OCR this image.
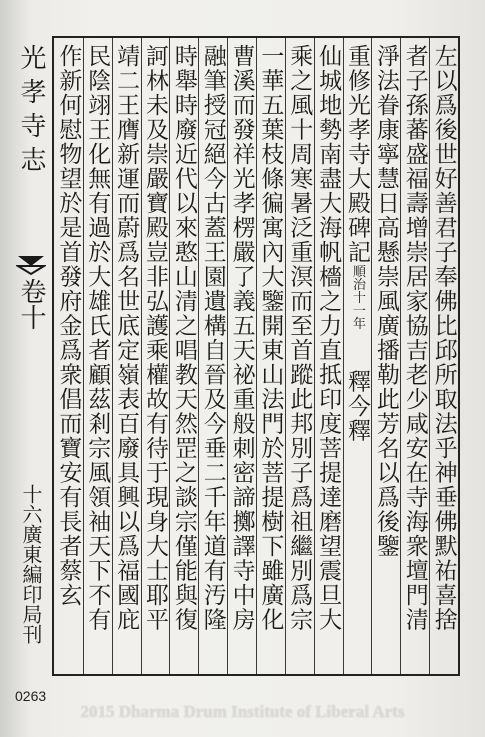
左以爲後世好善君子奉佛比邱所取法乎神垂佛默祐喜捨
者子孫蕃盛福壽增崇居家協吉老少咸安在寺海衆壇門清
淨法眷康寧慧日高懸崇風廣播勒此芳名以爲後鑒
重修光孝寺大殿碑記順治十一年釋今釋
仙城地勢南盡大海帆檣之力直抵印度菩提達磨望震旦大
乘之風十周寒暑泛重溟而至首蹤此邦別子爲祖繼別爲宗
一華五葉枝條徧寓內大鑒開東山法門於菩提樹下雖廣化
曹溪而發祥光孝楞嚴了義五天祕重般刺密諦擲譯寺中房
融筆授冠絕今古蓋王園遺構自晉及今垂二千年道有汚隆
時舉時廢近代以來憨山清之唱教天然罡之談宗僅能與復
訶林未及崇嚴寶殿豈非弘護乘權故有待于現身大士耶平
靖二王膺新運而蔚爲名世底定嶺表百廢具興以爲福國庇
民陰翊王化無有過於大雄氏者顧茲剎宗風領袖天下不有
作新何慰物望於是首發府金爲衆倡而寶安有長者蔡玄
光孝寺志
卷十
十六廣東編印局刊
0263
2015 Dharma Drum Institute of Liberal Arts
